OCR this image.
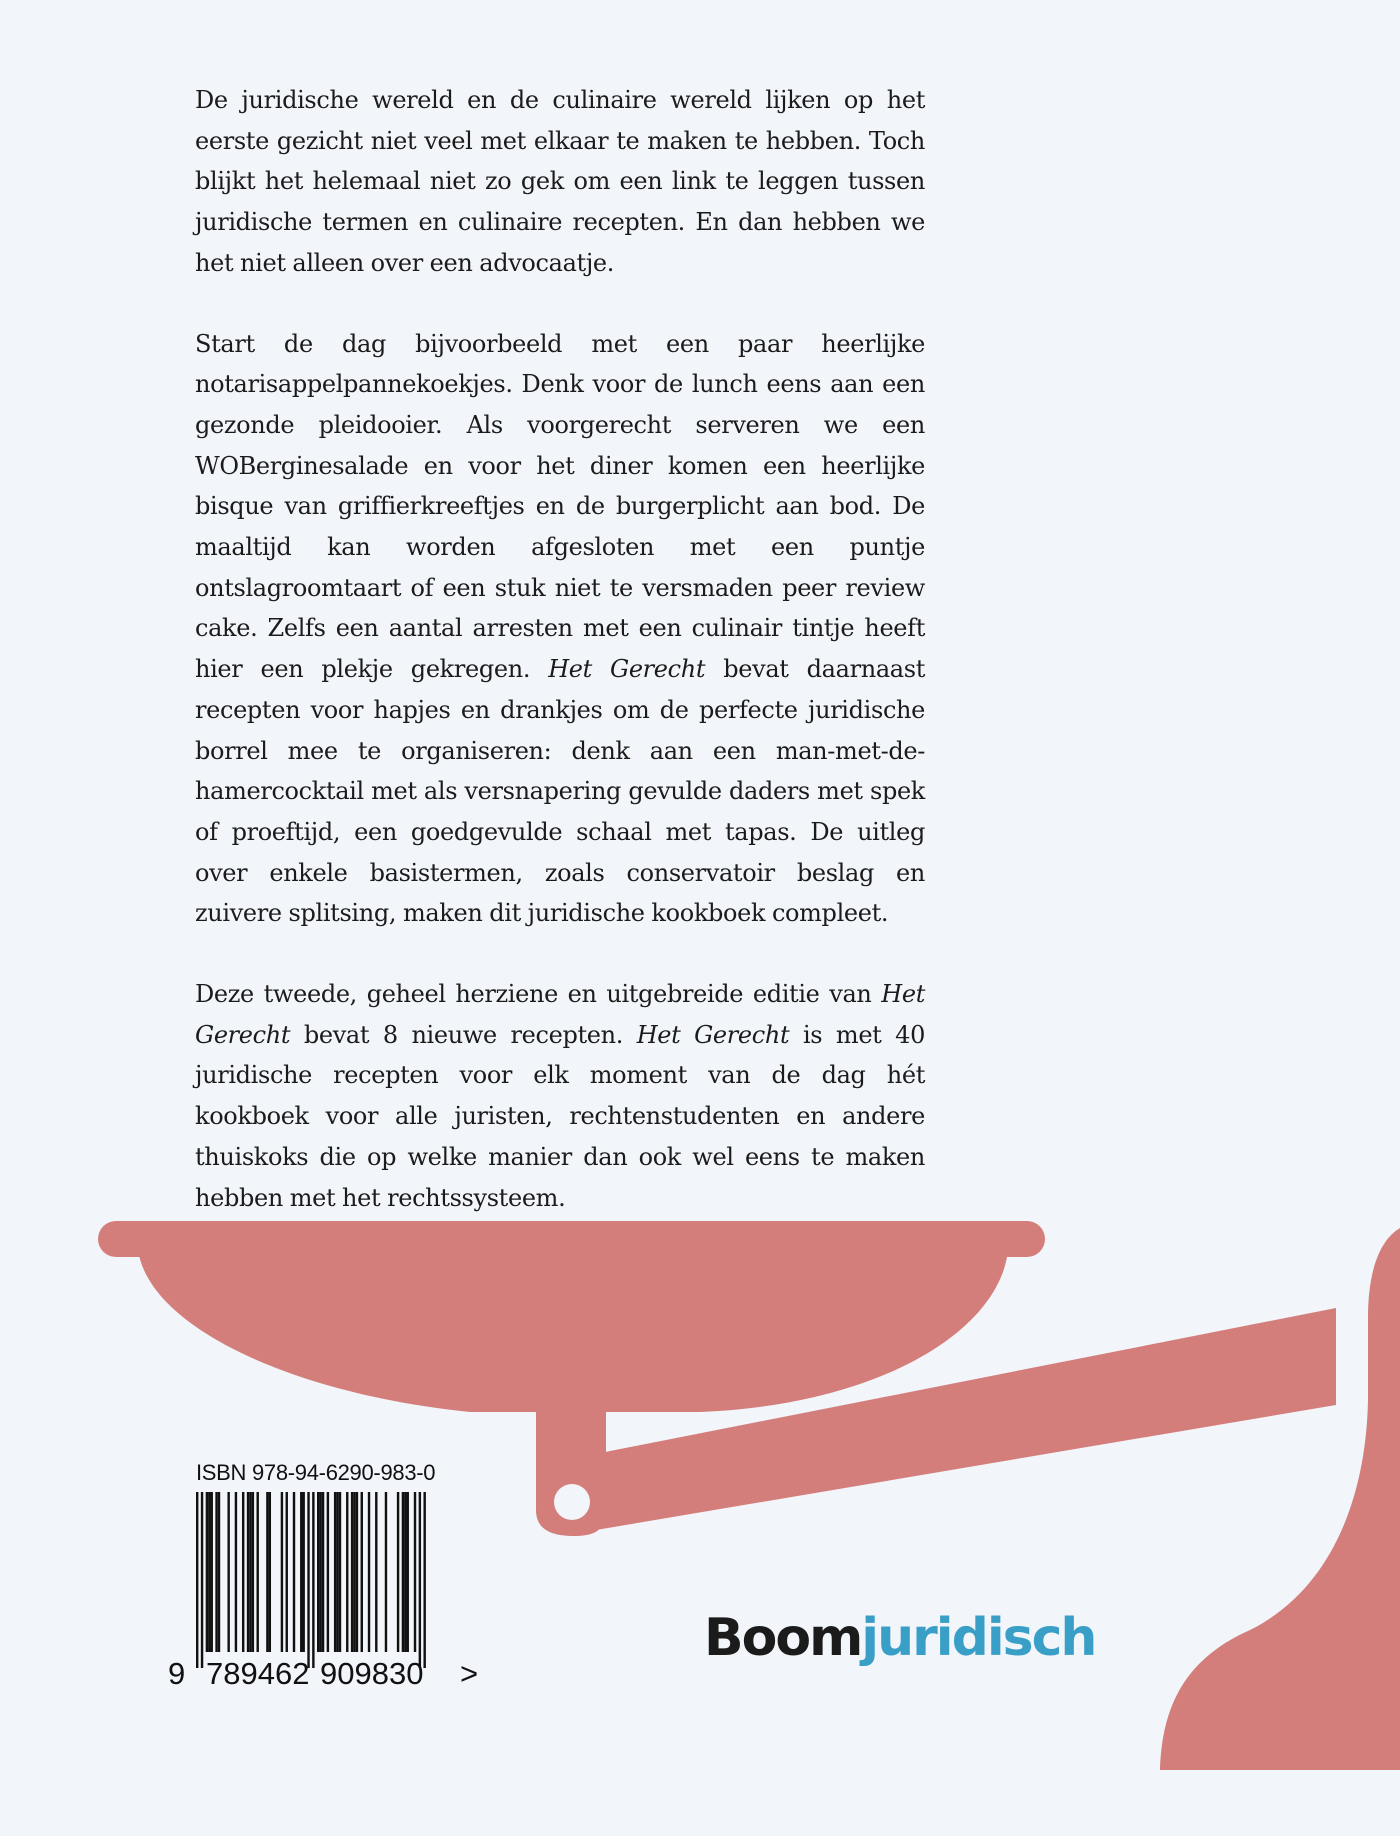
De juridische wereld en de culinaire wereld lijken op het eerste gezicht niet veel met elkaar te maken te hebben. Toch blijkt het helemaal niet zo gek om een link te leggen tussen juridische termen en culinaire recepten. En dan hebben we het niet alleen over een advocaatje.

Start de dag bijvoorbeeld met een paar heerlijke notarisappelpannekoekjes. Denk voor de lunch eens aan een gezonde pleidooier. Als voorgerecht serveren we een WOBerginesalade en voor het diner komen een heerlijke bisque van griffierkreeftjes en de burgerplicht aan bod. De maaltijd kan worden afgesloten met een puntje ontslagroomtaart of een stuk niet te versmaden peer review cake. Zelfs een aantal arresten met een culinair tintje heeft hier een plekje gekregen. Het Gerecht bevat daarnaast recepten voor hapjes en drankjes om de perfecte juridische borrel mee te organiseren: denk aan een man-met-de-hamercocktail met als versnapering gevulde daders met spek of proeftijd, een goedgevulde schaal met tapas. De uitleg over enkele basistermen, zoals conservatoir beslag en zuivere splitsing, maken dit juridische kookboek compleet.

Deze tweede, geheel herziene en uitgebreide editie van Het Gerecht bevat 8 nieuwe recepten. Het Gerecht is met 40 juridische recepten voor elk moment van de dag hét kookboek voor alle juristen, rechtenstudenten en andere thuiskoks die op welke manier dan ook wel eens te maken hebben met het rechtssysteem.

ISBN 978-94-6290-983-0

9

789462

909830

>

Boomjuridisch
